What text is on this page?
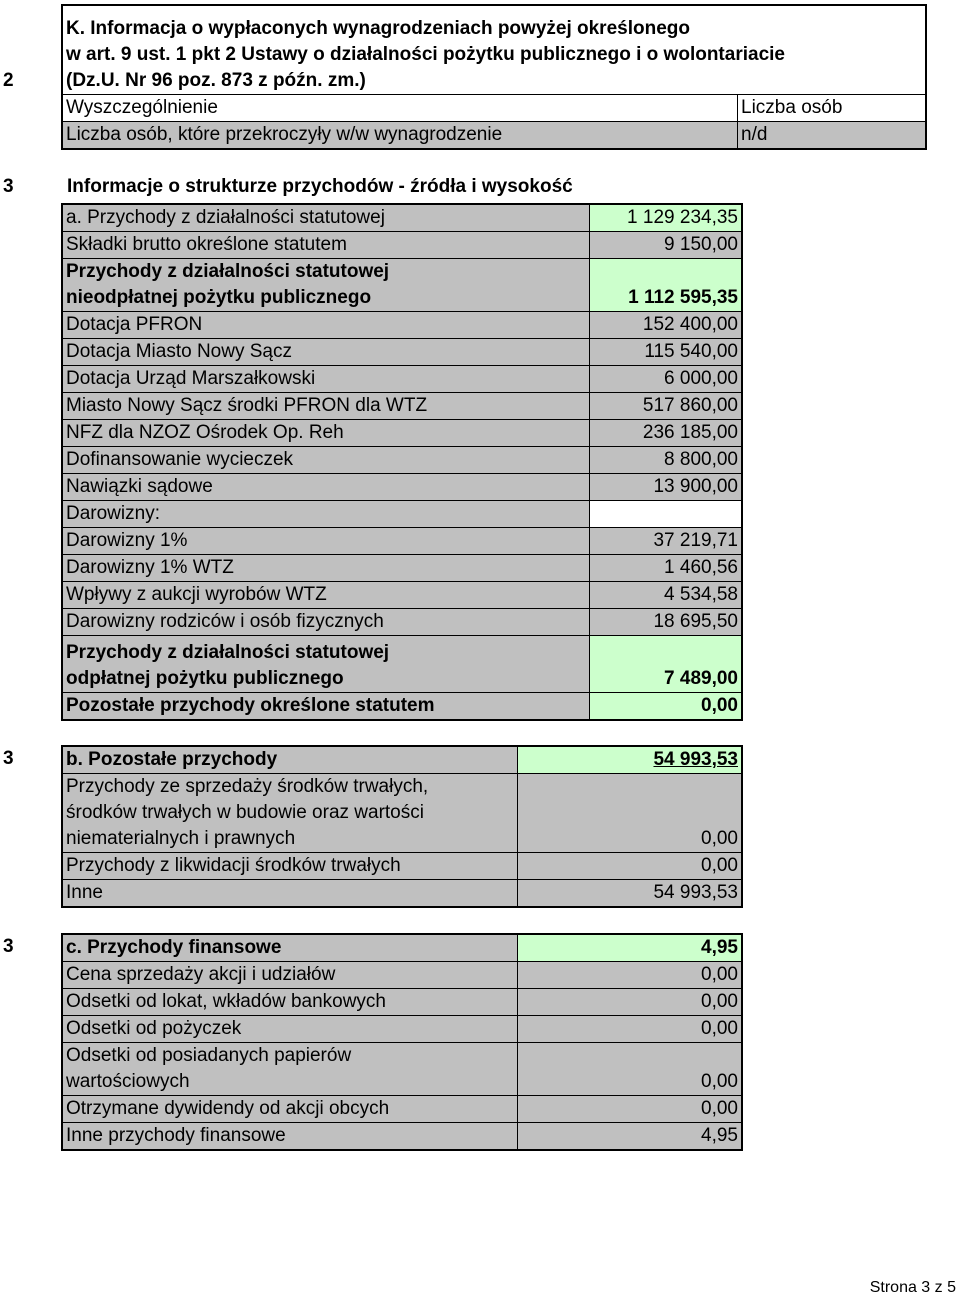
2
K. Informacja o wypłaconych wynagrodzeniach powyżej określonego
w art. 9 ust. 1 pkt 2 Ustawy o działalności pożytku publicznego i o wolontariacie
(Dz.U. Nr 96 poz. 873 z późn. zm.)	

Wyszczególnienie	Liczba osób
Liczba osób, które przekroczyły w/w wynagrodzenie	n/d
3	Informacje o strukturze przychodów - źródła i wysokość
a. Przychody z działalności statutowej	1 129 234,35
Składki brutto określone statutem	9 150,00

Przychody z działalności statutowej
nieodpłatnej pożytku publicznego	1 112 595,35
Dotacja PFRON	152 400,00
Dotacja Miasto Nowy Sącz	115 540,00
Dotacja Urząd Marszałkowski	6 000,00
Miasto Nowy Sącz środki PFRON dla WTZ	517 860,00
NFZ dla NZOZ Ośrodek Op. Reh	236 185,00
Dofinansowanie wycieczek	8 800,00
Nawiązki sądowe	13 900,00
Darowizny:	
Darowizny 1%	37 219,71
Darowizny 1% WTZ	1 460,56
Wpływy z aukcji wyrobów WTZ	4 534,58
Darowizny rodziców i osób fizycznych	18 695,50

Przychody z działalności statutowej
odpłatnej pożytku publicznego	7 489,00
Pozostałe przychody określone statutem	0,00
3	b. Pozostałe przychody	54 993,53

Przychody ze sprzedaży środków trwałych,
środków trwałych w budowie oraz wartości
niematerialnych i prawnych	0,00
Przychody z likwidacji środków trwałych	0,00
Inne	54 993,53
3	c. Przychody finansowe	4,95
Cena sprzedaży akcji i udziałów	0,00
Odsetki od lokat, wkładów bankowych	0,00
Odsetki od pożyczek	0,00

Odsetki od posiadanych papierów
wartościowych	0,00
Otrzymane dywidendy od akcji obcych	0,00
Inne przychody finansowe	4,95
Strona 3 z 5
